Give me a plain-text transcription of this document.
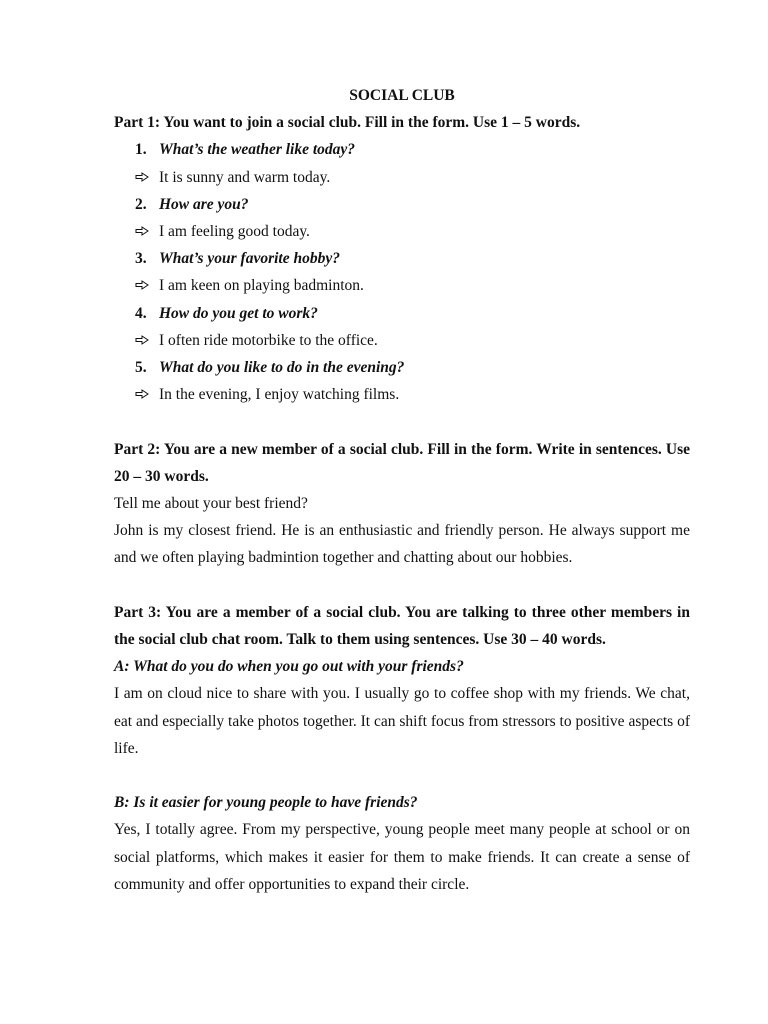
SOCIAL CLUB
Part 1: You want to join a social club. Fill in the form. Use 1 – 5 words.
1. What’s the weather like today?
It is sunny and warm today.
2. How are you?
I am feeling good today.
3. What’s your favorite hobby?
I am keen on playing badminton.
4. How do you get to work?
I often ride motorbike to the office.
5. What do you like to do in the evening?
In the evening, I enjoy watching films.
Part 2: You are a new member of a social club. Fill in the form. Write in sentences. Use 20 – 30 words.
Tell me about your best friend?
John is my closest friend. He is an enthusiastic and friendly person. He always support me and we often playing badmintion together and chatting about our hobbies.
Part 3: You are a member of a social club. You are talking to three other members in the social club chat room. Talk to them using sentences. Use 30 – 40 words.
A: What do you do when you go out with your friends?
I am on cloud nice to share with you. I usually go to coffee shop with my friends. We chat, eat and especially take photos together. It can shift focus from stressors to positive aspects of life.
B: Is it easier for young people to have friends?
Yes, I totally agree. From my perspective, young people meet many people at school or on social platforms, which makes it easier for them to make friends. It can create a sense of community and offer opportunities to expand their circle.
